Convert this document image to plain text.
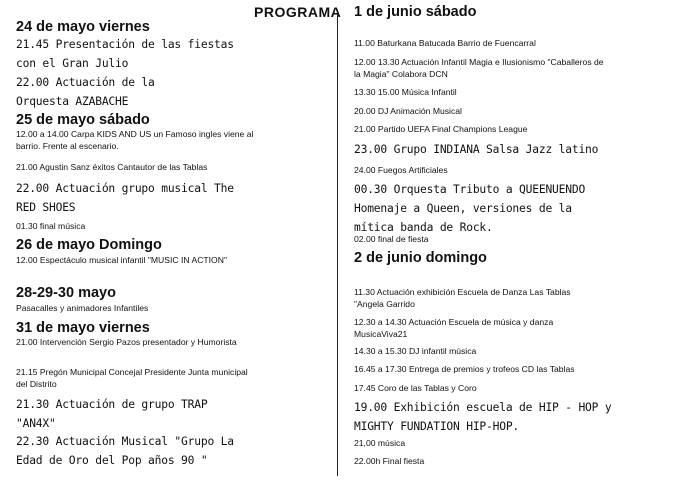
PROGRAMA
24 de mayo viernes
21.45 Presentación de las fiestas con el Gran Julio
22.00 Actuación de la Orquesta AZABACHE
25 de mayo sábado
12.00 a 14.00 Carpa KIDS AND US un Famoso ingles viene al barrio. Frente al escenario.
21.00 Agustin Sanz éxitos Cantautor de las Tablas
22.00 Actuación grupo musical The RED SHOES
01.30 final música
26 de mayo Domingo
12.00 Espectáculo musical infantil "MUSIC IN ACTION"
28-29-30 mayo
Pasacalles y animadores Infantiles
31 de mayo viernes
21.00 Intervención Sergio Pazos presentador y Humorista
21.15 Pregón Municipal Concejal Presidente Junta municipal del Distrito
21.30 Actuación de grupo TRAP "AN4X"
22.30 Actuación Musical "Grupo La Edad de Oro del Pop años 90 "
1 de junio sábado
11.00 Baturkana Batucada Barrio de Fuencarral
12.00 13.30 Actuación Infantil Magia e Ilusionismo "Caballeros de la Magia" Colabora DCN
13.30 15.00 Música Infantil
20.00 DJ Animación Musical
21.00 Partido UEFA Final Champions League
23.00 Grupo INDIANA Salsa Jazz latino
24.00 Fuegos Artificiales
00.30 Orquesta Tributo a QUEENUENDO Homenaje a Queen, versiones de la mítica banda de Rock.
02.00 final de fiesta
2 de junio domingo
11.30 Actuación exhibición Escuela de Danza Las Tablas "Angela Garrido
12.30 a 14.30 Actuación Escuela de música y danza MusicaViva21
14.30 a 15.30 DJ infantil música
16.45 a 17.30 Entrega de premios y trofeos CD las Tablas
17.45 Coro de las Tablas y Coro
19.00 Exhibición escuela de HIP - HOP y MIGHTY FUNDATION HIP-HOP.
21,00 música
22.00h Final fiesta
